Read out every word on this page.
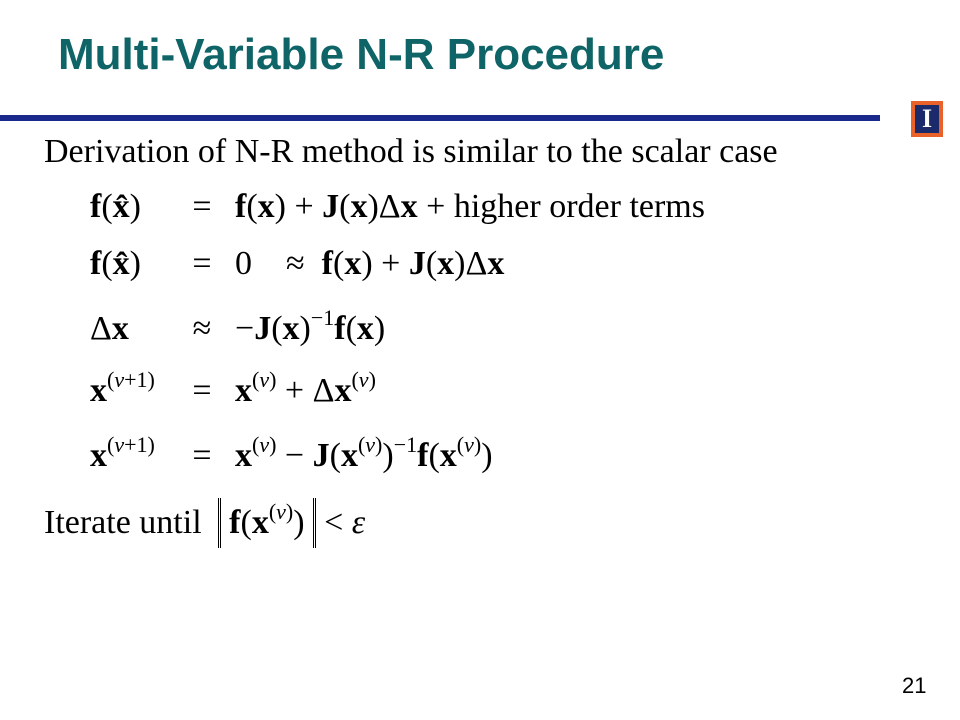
Multi-Variable N-R Procedure
I
Derivation of N-R method is similar to the scalar case
f(x̂)	= f(x) + J(x)Δx + higher order terms
f(x̂)	= 0    ≈  f(x) + J(x)Δx
Δx	≈ $-J(x)^{-1}f(x)$
$x^{(v+1)}$	= $x^{(v)} + \Delta x^{(v)}$
$x^{(v+1)}$	= $x^{(v)} - J(x^{(v)})^{-1}f(x^{(v)})$
Iterate until $f(x^{(v)}) < \varepsilon$
21
